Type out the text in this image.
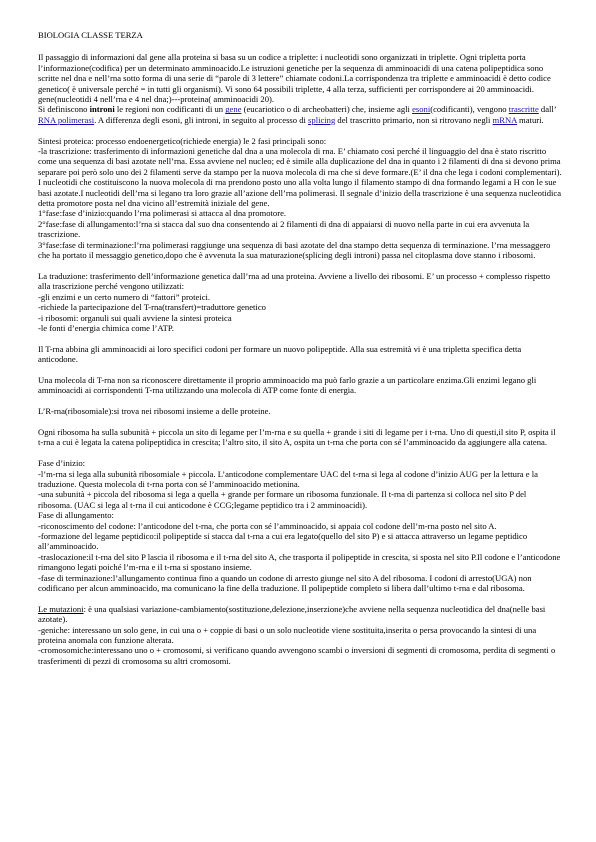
BIOLOGIA CLASSE TERZA
Il passaggio di informazioni dal gene alla proteina si basa su un codice a triplette: i nucleotidi sono organizzati in triplette. Ogni tripletta porta l’informazione(codifica) per un determinato amminoacido.Le istruzioni genetiche per la sequenza di amminoacidi di una catena polipeptidica sono scritte nel dna e nell’rna sotto forma di una serie di “parole di 3 lettere” chiamate codoni.La corrispondenza tra triplette e amminoacidi è detto codice genetico( è universale perché = in tutti gli organismi). Vi sono 64 possibili triplette, 4 alla terza, sufficienti per corrispondere ai 20 amminoacidi.
gene(nucleotidi 4 nell’rna e 4 nel dna;)---proteina( amminoacidi 20).
Si definiscono introni le regioni non codificanti di un gene (eucariotico o di archeobatteri) che, insieme agli esoni(codificanti), vengono trascritte dall’ RNA polimerasi. A differenza degli esoni, gli introni, in seguito al processo di splicing del trascritto primario, non si ritrovano negli mRNA maturi.
Sintesi proteica: processo endoenergetico(richiede energia) le 2 fasi principali sono:
-la trascrizione: trasferimento di informazioni genetiche dal dna a una molecola di rna. E’ chiamato così perché il linguaggio del dna è stato riscritto come una sequenza di basi azotate nell’rna. Essa avviene nel nucleo; ed è simile alla duplicazione del dna in quanto i 2 filamenti di dna si devono prima separare poi però solo uno dei 2 filamenti serve da stampo per la nuova molecola di rna che si deve formare.(E’ il dna che lega i codoni complementari). I nucleotidi che costituiscono la nuova molecola di rna prendono posto uno alla volta lungo il filamento stampo di dna formando legami a H con le sue basi azotate.I nucleotidi dell’rna si legano tra loro grazie all’azione dell’rna polimerasi. Il segnale d’inizio della trascrizione è una sequenza nucleotidica detta promotore posta nel dna vicino all’estremità iniziale del gene.
1°fase:fase d’inizio:quando l’rna polimerasi si attacca al dna promotore.
2°fase:fase di allungamento:l’rna si stacca dal suo dna consentendo ai 2 filamenti di dna di appaiarsi di nuovo nella parte in cui era avvenuta la trascrizione.
3°fase:fase di terminazione:l’rna polimerasi raggiunge una sequenza di basi azotate del dna stampo detta sequenza di terminazione. l’rna messaggero che ha portato il messaggio genetico,dopo che è avvenuta la sua maturazione(splicing degli introni) passa nel citoplasma dove stanno i ribosomi.
La traduzione: trasferimento dell’informazione genetica dall’rna ad una proteina. Avviene a livello dei ribosomi. E’ un processo + complesso rispetto alla trascrizione perché vengono utilizzati:
-gli enzimi e un certo numero di “fattori” proteici.
-richiede la partecipazione del T-rna(transfert)=traduttore genetico
-i ribosomi: organuli sui quali avviene la sintesi proteica
-le fonti d’energia chimica come l’ATP.
Il T-rna abbina gli amminoacidi ai loro specifici codoni per formare un nuovo polipeptide. Alla sua estremità vi è una tripletta specifica detta anticodone.
Una molecola di T-rna non sa riconoscere direttamente il proprio amminoacido ma può farlo grazie a un particolare enzima.Gli enzimi legano gli amminoacidi ai corrispondenti T-rna utilizzando una molecola di ATP come fonte di energia.
L’R-rna(ribosomiale):si trova nei ribosomi insieme a delle proteine.
Ogni ribosoma ha sulla subunità + piccola un sito di legame per l’m-rna e su quella + grande i siti di legame per i t-rna. Uno di questi,il sito P, ospita il t-rna a cui è legata la catena polipeptidica in crescita; l’altro sito, il sito A, ospita un t-rna che porta con sé l’amminoacido da aggiungere alla catena.
Fase d’inizio:
-l’m-rna si lega alla subunità ribosomiale + piccola. L’anticodone complementare UAC del t-rna si lega al codone d’inizio AUG per la lettura e la traduzione. Questa molecola di t-rna porta con sé l’amminoacido metionina.
-una subunità + piccola del ribosoma si lega a quella + grande per formare un ribosoma funzionale. Il t-rna di partenza si colloca nel sito P del ribosoma. (UAC si lega al t-rna il cui anticodone è CCG;legame peptidico tra i 2 amminoacidi).
Fase di allungamento:
-riconoscimento del codone: l’anticodone del t-rna, che porta con sé l’amminoacido, si appaia col codone dell’m-rna posto nel sito A.
-formazione del legame peptidico:il polipeptide si stacca dal t-rna a cui era legato(quello del sito P) e si attacca attraverso un legame peptidico all’amminoacido.
-traslocazione:il t-rna del sito P lascia il ribosoma e il t-rna del sito A, che trasporta il polipeptide in crescita, si sposta nel sito P.Il codone e l’anticodone rimangono legati poiché l’m-rna e il t-rna si spostano insieme.
-fase di terminazione:l’allungamento continua fino a quando un codone di arresto giunge nel sito A del ribosoma. I codoni di arresto(UGA) non codificano per alcun amminoacido, ma comunicano la fine della traduzione. Il polipeptide completo si libera dall’ultimo t-rna e dal ribosoma.
Le mutazioni: è una qualsiasi variazione-cambiamento(sostituzione,delezione,inserzione)che avviene nella sequenza nucleotidica del dna(nelle basi azotate).
-geniche: interessano un solo gene, in cui una o + coppie di basi o un solo nucleotide viene sostituita,inserita o persa provocando la sintesi di una proteina anomala con funzione alterata.
-cromosomiche:interessano uno o + cromosomi, si verificano quando avvengono scambi o inversioni di segmenti di cromosoma, perdita di segmenti o trasferimenti di pezzi di cromosoma su altri cromosomi.
